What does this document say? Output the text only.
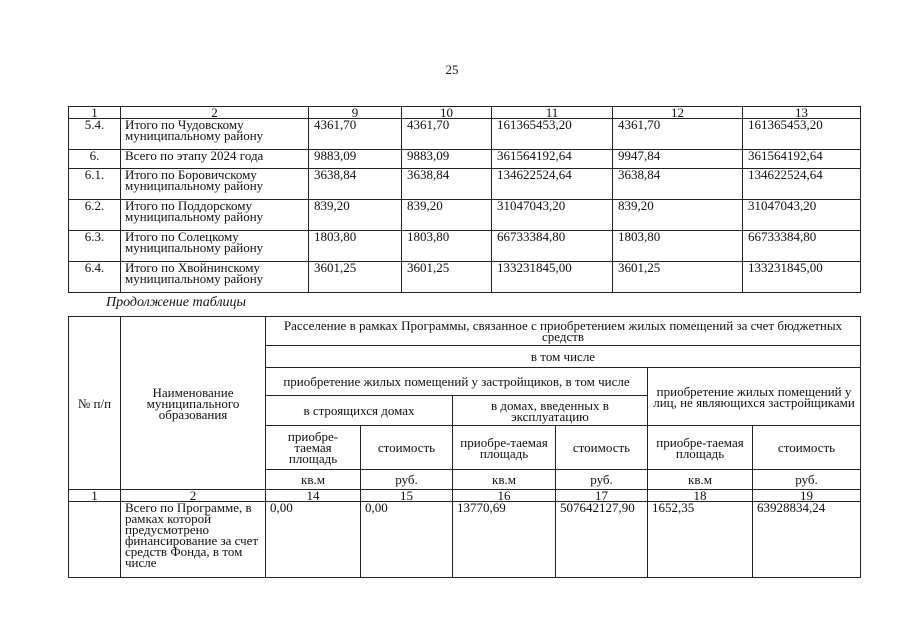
25
1	2	9	10	11	12	13
5.4.	Итого по Чудовскому муниципальному району	4361,70	4361,70	161365453,20	4361,70	161365453,20
6.	Всего по этапу 2024 года	9883,09	9883,09	361564192,64	9947,84	361564192,64
6.1.	Итого по Боровичскому муниципальному району	3638,84	3638,84	134622524,64	3638,84	134622524,64
6.2.	Итого по Поддорскому муниципальному району	839,20	839,20	31047043,20	839,20	31047043,20
6.3.	Итого по Солецкому муниципальному району	1803,80	1803,80	66733384,80	1803,80	66733384,80
6.4.	Итого по Хвойнинскому муниципальному району	3601,25	3601,25	133231845,00	3601,25	133231845,00
Продолжение таблицы
№ п/п	Наименование муниципального образования	Расселение в рамках Программы, связанное с приобретением жилых помещений за счет бюджетных средств					
		в том числе					
		приобретение жилых помещений у застройщиков, в том числе				приобретение жилых помещений у лиц, не являющихся застройщиками	
		в строящихся домах		в домах, введенных в эксплуатацию			
		приобре-таемая площадь	стоимость	приобре-таемая площадь	стоимость	приобре-таемая площадь	стоимость
		кв.м	руб.	кв.м	руб.	кв.м	руб.
1	2	14	15	16	17	18	19
	Всего по Программе, в рамках которой предусмотрено финансирование за счет средств Фонда, в том числе	0,00	0,00	13770,69	507642127,90	1652,35	63928834,24
